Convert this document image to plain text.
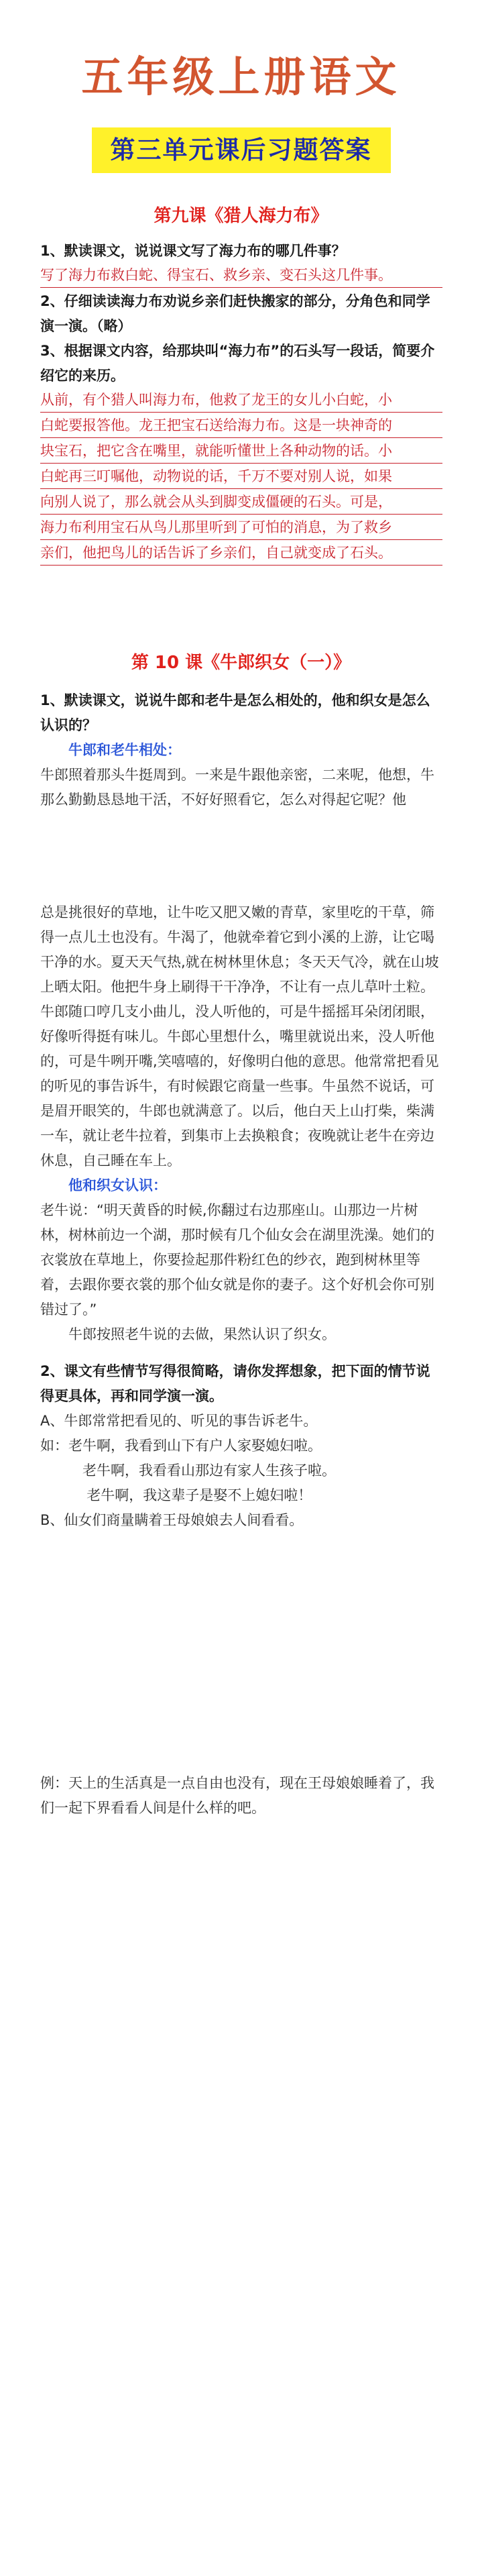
五年级上册语文
第三单元课后习题答案
第九课《猎人海力布》

1、默读课文，说说课文写了海力布的哪几件事？

写了海力布救白蛇、得宝石、救乡亲、变石头这几件事。

2、仔细读读海力布劝说乡亲们赶快搬家的部分，分角色和同学演一演。（略）

3、根据课文内容，给那块叫“海力布”的石头写一段话，简要介绍它的来历。

从前，有个猎人叫海力布，他救了龙王的女儿小白蛇，小
白蛇要报答他。龙王把宝石送给海力布。这是一块神奇的
块宝石，把它含在嘴里，就能听懂世上各种动物的话。小
白蛇再三叮嘱他，动物说的话，千万不要对别人说，如果
向别人说了，那么就会从头到脚变成僵硬的石头。可是，
海力布利用宝石从鸟儿那里听到了可怕的消息，为了救乡
亲们，他把鸟儿的话告诉了乡亲们，自己就变成了石头。
第 10 课《牛郎织女（一）》

1、默读课文，说说牛郎和老牛是怎么相处的，他和织女是怎么认识的？

牛郎和老牛相处：

牛郎照着那头牛挺周到。一来是牛跟他亲密，二来呢，他想，牛那么勤勤恳恳地干活，不好好照看它，怎么对得起它呢？他

总是挑很好的草地，让牛吃又肥又嫩的青草，家里吃的干草，筛得一点儿土也没有。牛渴了，他就牵着它到小溪的上游，让它喝干净的水。夏天天气热,就在树林里休息；冬天天气冷，就在山坡上晒太阳。他把牛身上刷得干干净净，不让有一点儿草叶土粒。牛郎随口哼几支小曲儿，没人听他的，可是牛摇摇耳朵闭闭眼，好像听得挺有味儿。牛郎心里想什么，嘴里就说出来，没人听他的，可是牛咧开嘴,笑嘻嘻的，好像明白他的意思。他常常把看见的听见的事告诉牛，有时候跟它商量一些事。牛虽然不说话，可是眉开眼笑的，牛郎也就满意了。以后，他白天上山打柴，柴满一车，就让老牛拉着，到集市上去换粮食；夜晚就让老牛在旁边休息，自己睡在车上。

他和织女认识：

老牛说：“明天黄昏的时候,你翻过右边那座山。山那边一片树林，树林前边一个湖，那时候有几个仙女会在湖里洗澡。她们的衣裳放在草地上，你要捡起那件粉红色的纱衣，跑到树林里等着，去跟你要衣裳的那个仙女就是你的妻子。这个好机会你可别错过了。”

牛郎按照老牛说的去做，果然认识了织女。

2、课文有些情节写得很简略，请你发挥想象，把下面的情节说得更具体，再和同学演一演。

A、牛郎常常把看见的、听见的事告诉老牛。

如：老牛啊，我看到山下有户人家娶媳妇啦。

老牛啊，我看看山那边有家人生孩子啦。

老牛啊，我这辈子是娶不上媳妇啦！

B、仙女们商量瞒着王母娘娘去人间看看。

例：天上的生活真是一点自由也没有，现在王母娘娘睡着了，我们一起下界看看人间是什么样的吧。
